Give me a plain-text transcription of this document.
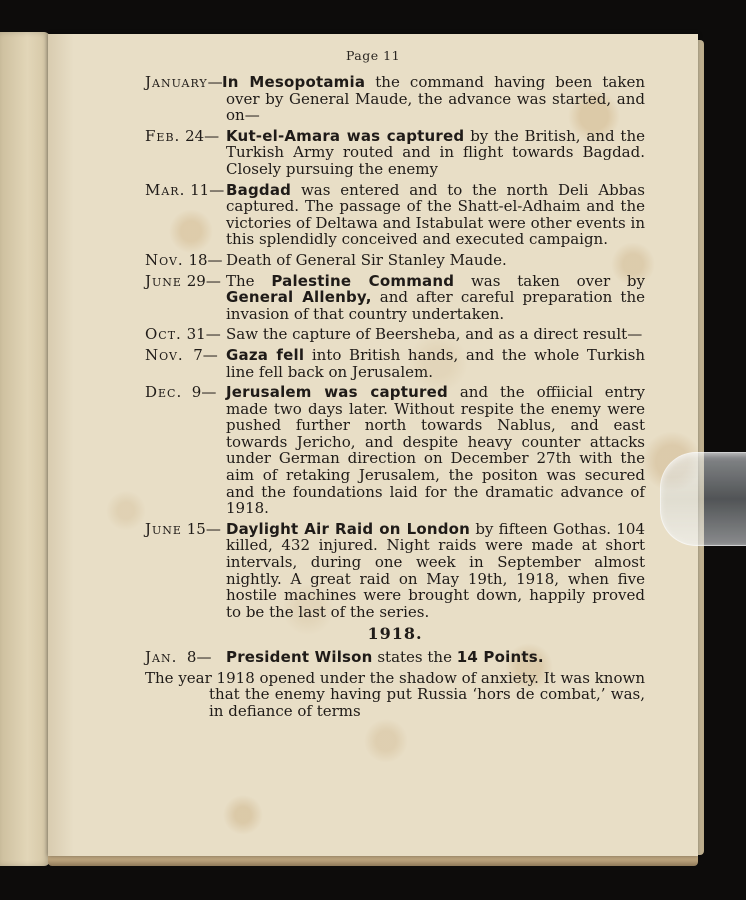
Page 11
January— In Mesopotamia the command having been taken over by General Maude, the advance was started, and on—
Feb. 24— Kut-el-Amara was captured by the British, and the Turkish Army routed and in flight towards Bagdad. Closely pursuing the enemy
Mar. 11— Bagdad was entered and to the north Deli Abbas captured. The passage of the Shatt-el-Adhaim and the victories of Deltawa and Istabulat were other events in this splendidly conceived and executed campaign.
Nov. 18— Death of General Sir Stanley Maude.
June 29— The Palestine Command was taken over by General Allenby, and after careful preparation the invasion of that country undertaken.
Oct. 31— Saw the capture of Beersheba, and as a direct result—
Nov. 7— Gaza fell into British hands, and the whole Turkish line fell back on Jerusalem.
Dec. 9— Jerusalem was captured and the offiicial entry made two days later. Without respite the enemy were pushed further north towards Nablus, and east towards Jericho, and despite heavy counter attacks under German direction on December 27th with the aim of retaking Jerusalem, the positon was secured and the foundations laid for the dramatic advance of 1918.
June 15— Daylight Air Raid on London by fifteen Gothas. 104 killed, 432 injured. Night raids were made at short intervals, during one week in September almost nightly. A great raid on May 19th, 1918, when five hostile machines were brought down, happily proved to be the last of the series.
1918.
Jan. 8— President Wilson states the 14 Points.
The year 1918 opened under the shadow of anxiety. It was known that the enemy having put Russia ‘hors de combat,’ was, in defiance of terms
